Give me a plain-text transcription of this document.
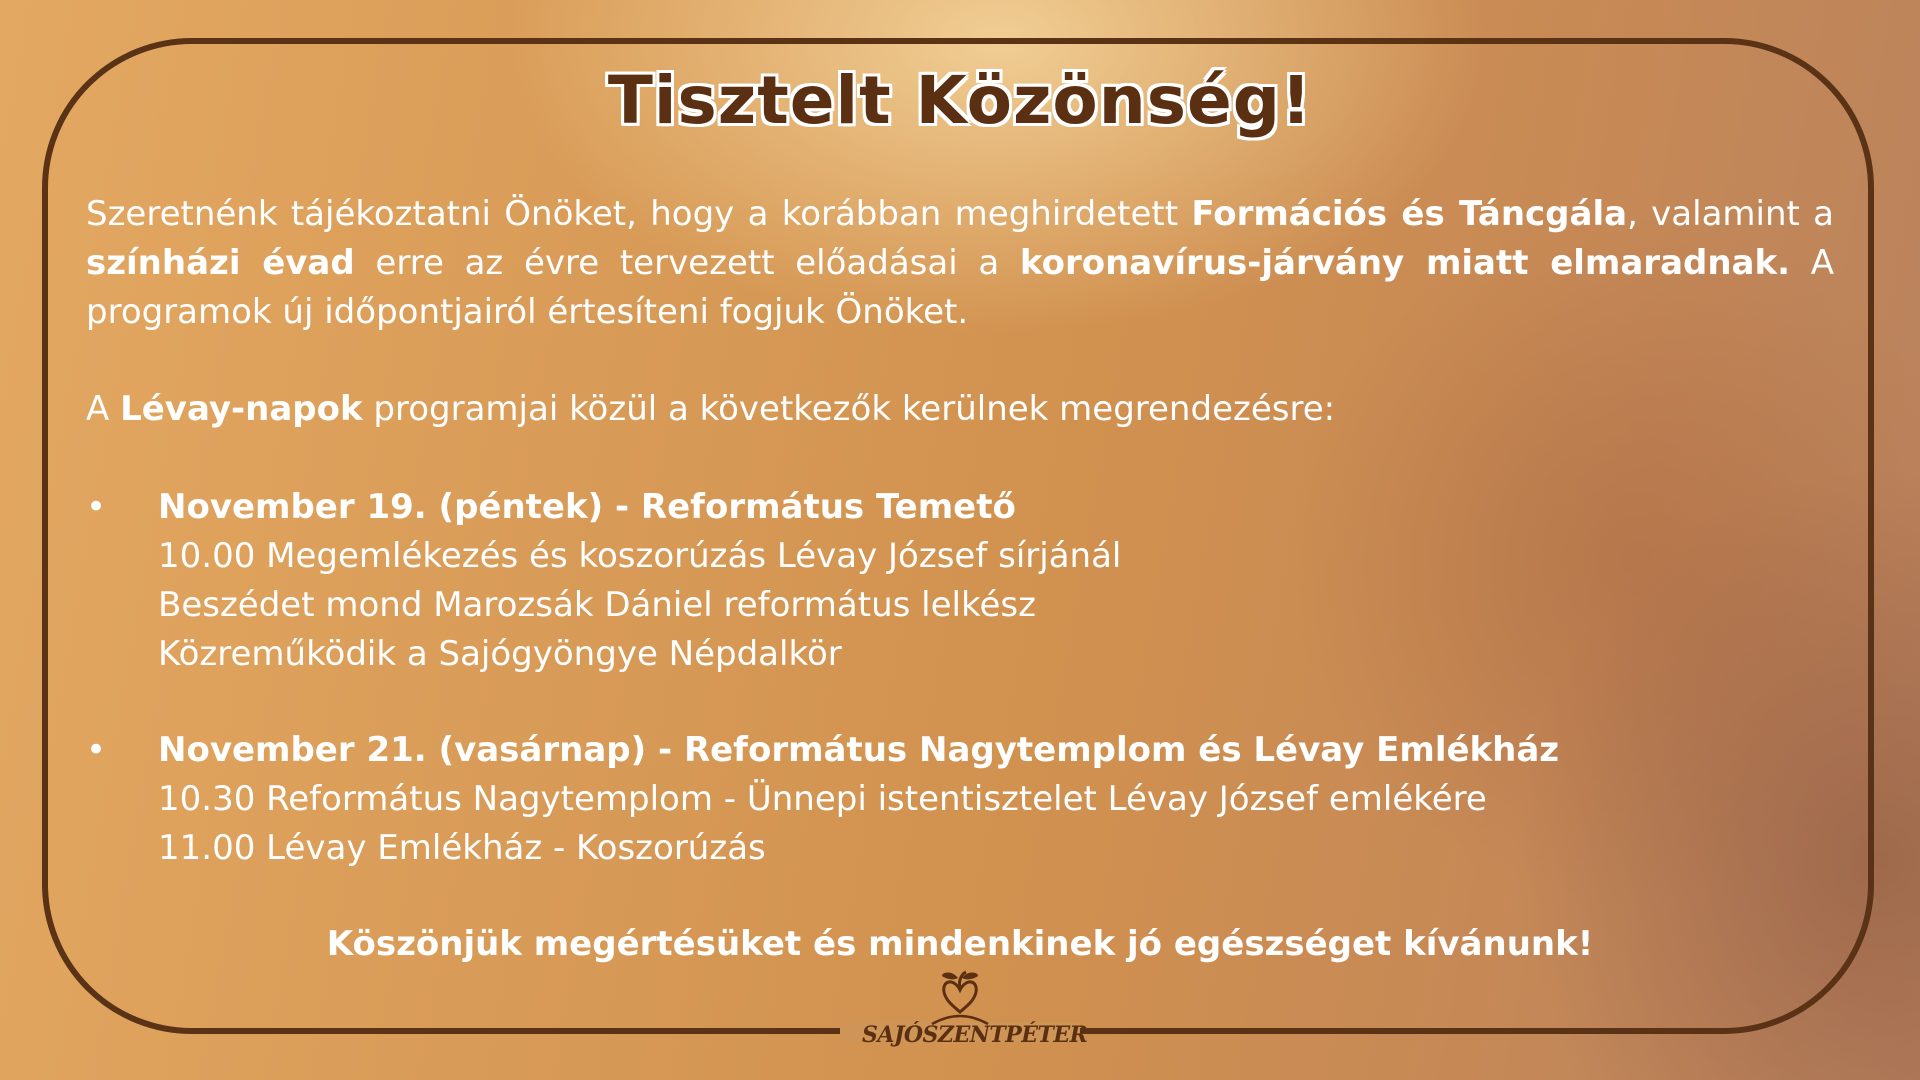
Tisztelt Közönség!
Szeretnénk tájékoztatni Önöket, hogy a korábban meghirdetett Formációs és Táncgála, valamint a színházi évad erre az évre tervezett előadásai a koronavírus-járvány miatt elmaradnak. A programok új időpontjairól értesíteni fogjuk Önöket.
A Lévay-napok programjai közül a következők kerülnek megrendezésre:
• November 19. (péntek) - Református Temető
10.00 Megemlékezés és koszorúzás Lévay József sírjánál
Beszédet mond Marozsák Dániel református lelkész
Közreműködik a Sajógyöngye Népdalkör
• November 21. (vasárnap) - Református Nagytemplom és Lévay Emlékház
10.30 Református Nagytemplom - Ünnepi istentisztelet Lévay József emlékére
11.00 Lévay Emlékház - Koszorúzás
Köszönjük megértésüket és mindenkinek jó egészséget kívánunk!
SAJÓSZENTPÉTER
